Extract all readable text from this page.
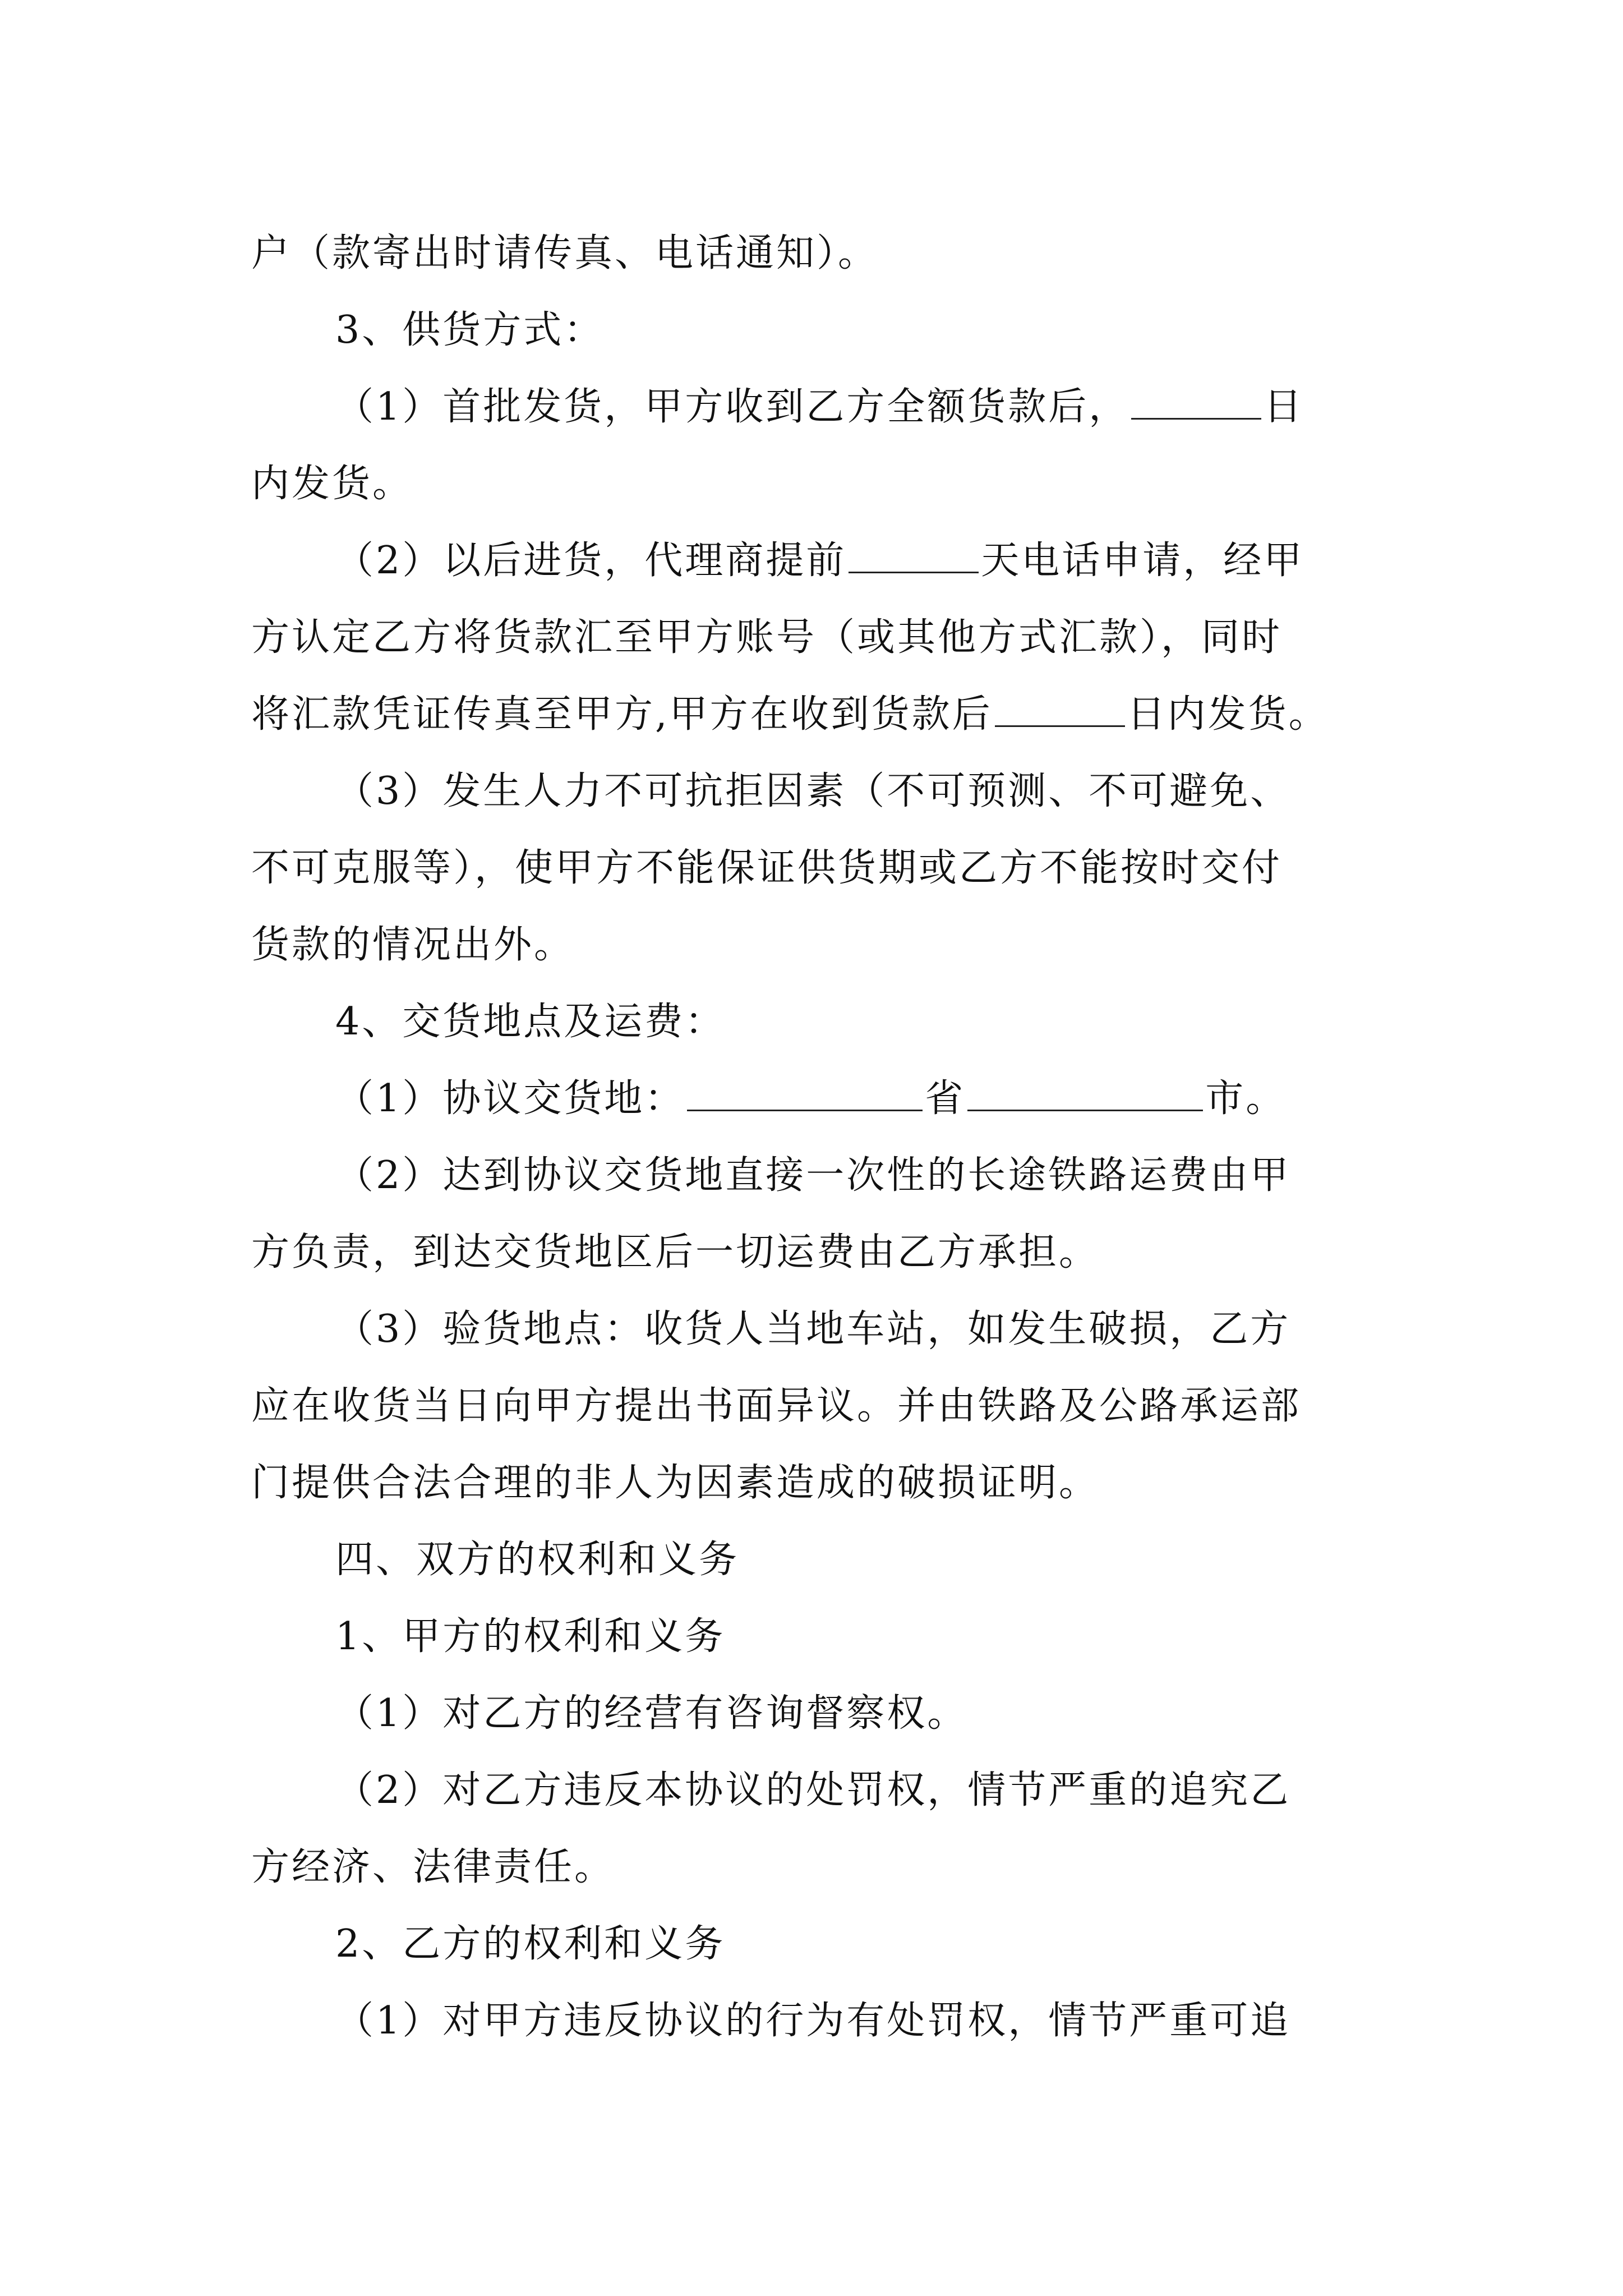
户（款寄出时请传真、电话通知）。
3、供货方式：
（1）首批发货，甲方收到乙方全额货款后，	日
内发货。
（2）以后进货，代理商提前	天电话申请，经甲
方认定乙方将货款汇至甲方账号（或其他方式汇款），同时
将汇款凭证传真至甲方,甲方在收到货款后	日内发货。
（3）发生人力不可抗拒因素（不可预测、不可避免、
不可克服等），使甲方不能保证供货期或乙方不能按时交付
货款的情况出外。
4、交货地点及运费：
（1）协议交货地：	省	市。
（2）达到协议交货地直接一次性的长途铁路运费由甲
方负责，到达交货地区后一切运费由乙方承担。
（3）验货地点：收货人当地车站，如发生破损，乙方
应在收货当日向甲方提出书面异议。并由铁路及公路承运部
门提供合法合理的非人为因素造成的破损证明。
四、双方的权利和义务
1、甲方的权利和义务
（1）对乙方的经营有咨询督察权。
（2）对乙方违反本协议的处罚权，情节严重的追究乙
方经济、法律责任。
2、乙方的权利和义务
（1）对甲方违反协议的行为有处罚权，情节严重可追
